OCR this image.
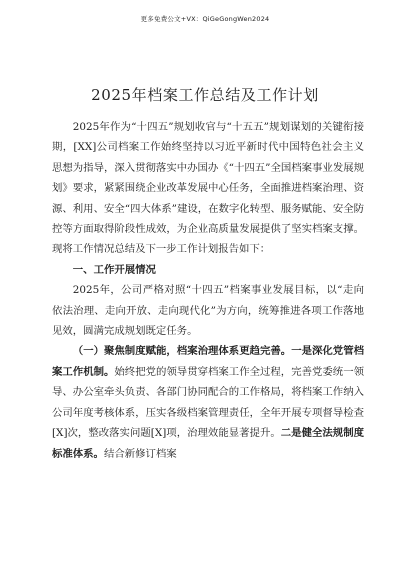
更多免费公文+VX：QiGeGongWen2024
2025年档案工作总结及工作计划

2025年作为“十四五”规划收官与“十五五”规划谋划的关键衔接期，[XX]公司档案工作始终坚持以习近平新时代中国特色社会主义思想为指导，深入贯彻落实中办国办《“十四五”全国档案事业发展规划》要求，紧紧围绕企业改革发展中心任务，全面推进档案治理、资源、利用、安全“四大体系”建设，在数字化转型、服务赋能、安全防控等方面取得阶段性成效，为企业高质量发展提供了坚实档案支撑。现将工作情况总结及下一步工作计划报告如下：

一、工作开展情况

2025年，公司严格对照“十四五”档案事业发展目标，以“走向依法治理、走向开放、走向现代化”为方向，统筹推进各项工作落地见效，圆满完成规划既定任务。

（一）聚焦制度赋能，档案治理体系更趋完善。一是深化党管档案工作机制。始终把党的领导贯穿档案工作全过程，完善党委统一领导、办公室牵头负责、各部门协同配合的工作格局，将档案工作纳入公司年度考核体系，压实各级档案管理责任，全年开展专项督导检查[X]次，整改落实问题[X]项，治理效能显著提升。二是健全法规制度标准体系。结合新修订档案
